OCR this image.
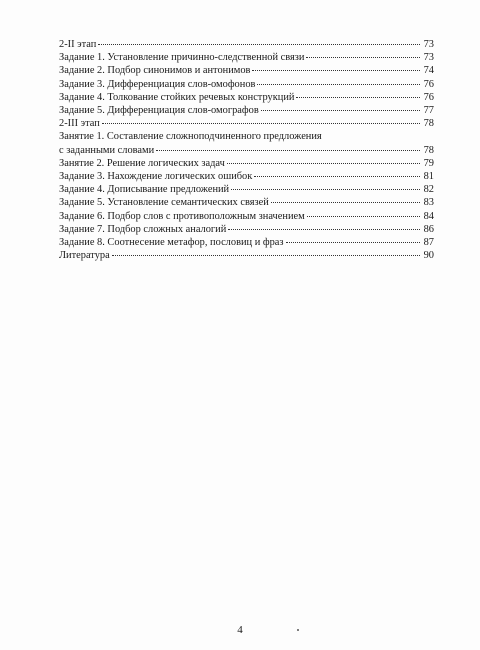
2-II этап	73
Задание 1. Установление причинно-следственной связи	73
Задание 2. Подбор синонимов и антонимов	74
Задание 3. Дифференциация слов-омофонов	76
Задание 4. Толкование стойких речевых конструкций	76
Задание 5. Дифференциация слов-омографов	77
2-III этап	78
Занятие 1. Составление сложноподчиненного предложения
с заданными словами	78
Занятие 2. Решение логических задач	79
Задание 3. Нахождение логических ошибок	81
Задание 4. Дописывание предложений	82
Задание 5. Установление семантических связей	83
Задание 6. Подбор слов с противоположным значением	84
Задание 7. Подбор сложных аналогий	86
Задание 8. Соотнесение метафор, пословиц и фраз	87
Литература	90
4
